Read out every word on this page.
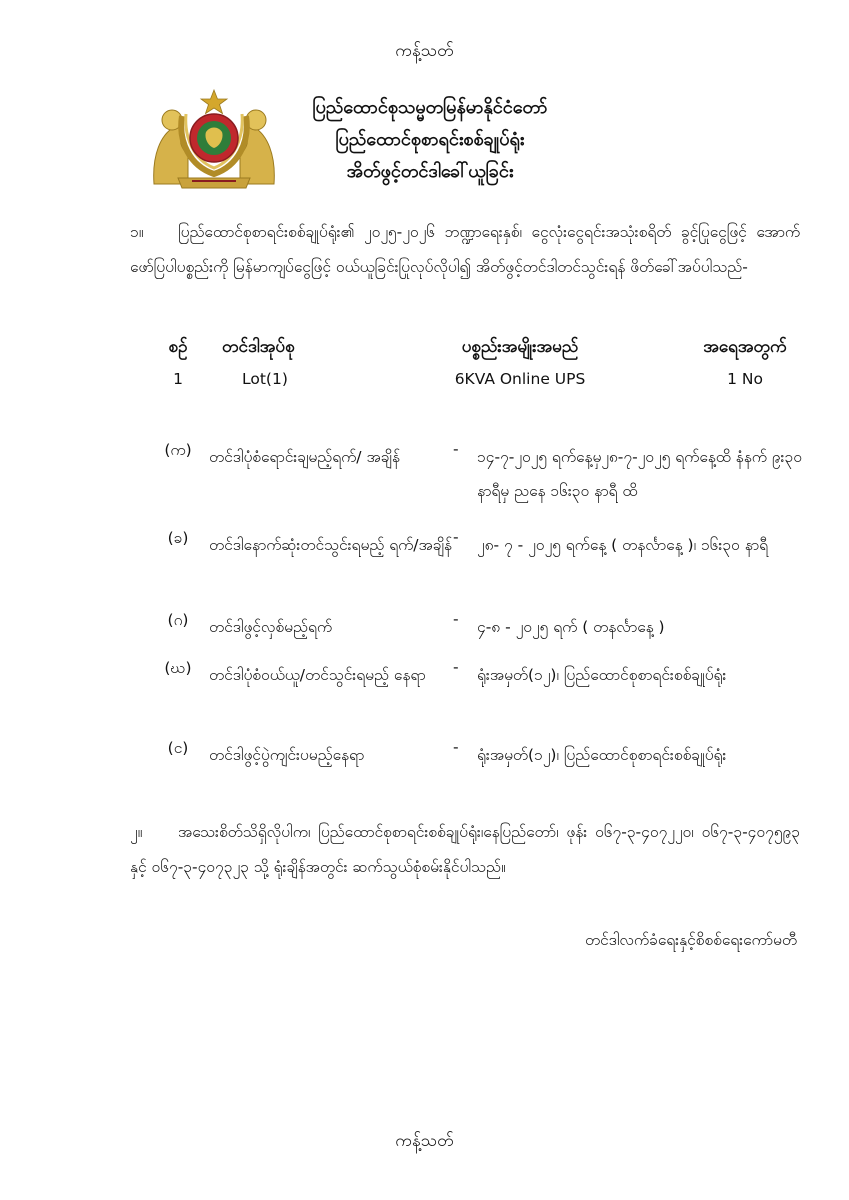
ကန့်သတ်
ပြည်ထောင်စုသမ္မတမြန်မာနိုင်ငံတော်
ပြည်ထောင်စုစာရင်းစစ်ချုပ်ရုံး
အိတ်ဖွင့်တင်ဒါခေါ်ယူခြင်း
၁။ ပြည်ထောင်စုစာရင်းစစ်ချုပ်ရုံး၏ ၂၀၂၅-၂၀၂၆ ဘဏ္ဍာရေးနှစ်၊ ငွေလုံးငွေရင်းအသုံးစရိတ် ခွင့်ပြုငွေဖြင့် အောက်ဖော်ပြပါပစ္စည်းကို မြန်မာကျပ်ငွေဖြင့် ဝယ်ယူခြင်းပြုလုပ်လိုပါ၍ အိတ်ဖွင့်တင်ဒါတင်သွင်းရန် ဖိတ်ခေါ်အပ်ပါသည်-
စဉ်	တင်ဒါအုပ်စု	ပစ္စည်းအမျိုးအမည်	အရေအတွက်
1	Lot(1)	6KVA Online UPS	1 No
(က)	တင်ဒါပုံစံရောင်းချမည့်ရက်/ အချိန်	- ၁၄-၇-၂၀၂၅ ရက်နေ့မှ၂၈-၇-၂၀၂၅ ရက်နေ့ထိ နံနက် ၉း၃၀ နာရီမှ ညနေ ၁၆း၃၀ နာရီ ထိ
(ခ)	တင်ဒါနောက်ဆုံးတင်သွင်းရမည့် ရက်/အချိန် - ၂၈- ၇ - ၂၀၂၅ ရက်နေ့ ( တနင်္လာနေ့ )၊ ၁၆း၃၀ နာရီ
(ဂ)	တင်ဒါဖွင့်လှစ်မည့်ရက်	- ၄-၈ - ၂၀၂၅ ရက် ( တနင်္လာနေ့ )
(ဃ)	တင်ဒါပုံစံဝယ်ယူ/တင်သွင်းရမည့် နေရာ	- ရုံးအမှတ်(၁၂)၊ ပြည်ထောင်စုစာရင်းစစ်ချုပ်ရုံး
(င)	တင်ဒါဖွင့်ပွဲကျင်းပမည့်နေရာ	- ရုံးအမှတ်(၁၂)၊ ပြည်ထောင်စုစာရင်းစစ်ချုပ်ရုံး
၂။ အသေးစိတ်သိရှိလိုပါက၊ ပြည်ထောင်စုစာရင်းစစ်ချုပ်ရုံး၊နေပြည်တော်၊ ဖုန်း ၀၆၇-၃-၄၀၇၂၂၀၊ ၀၆၇-၃-၄၀၇၅၉၃ နှင့် ၀၆၇-၃-၄၀၇၃၂၃ သို့ ရုံးချိန်အတွင်း ဆက်သွယ်စုံစမ်းနိုင်ပါသည်။
တင်ဒါလက်ခံရေးနှင့်စိစစ်ရေးကော်မတီ
ကန့်သတ်
